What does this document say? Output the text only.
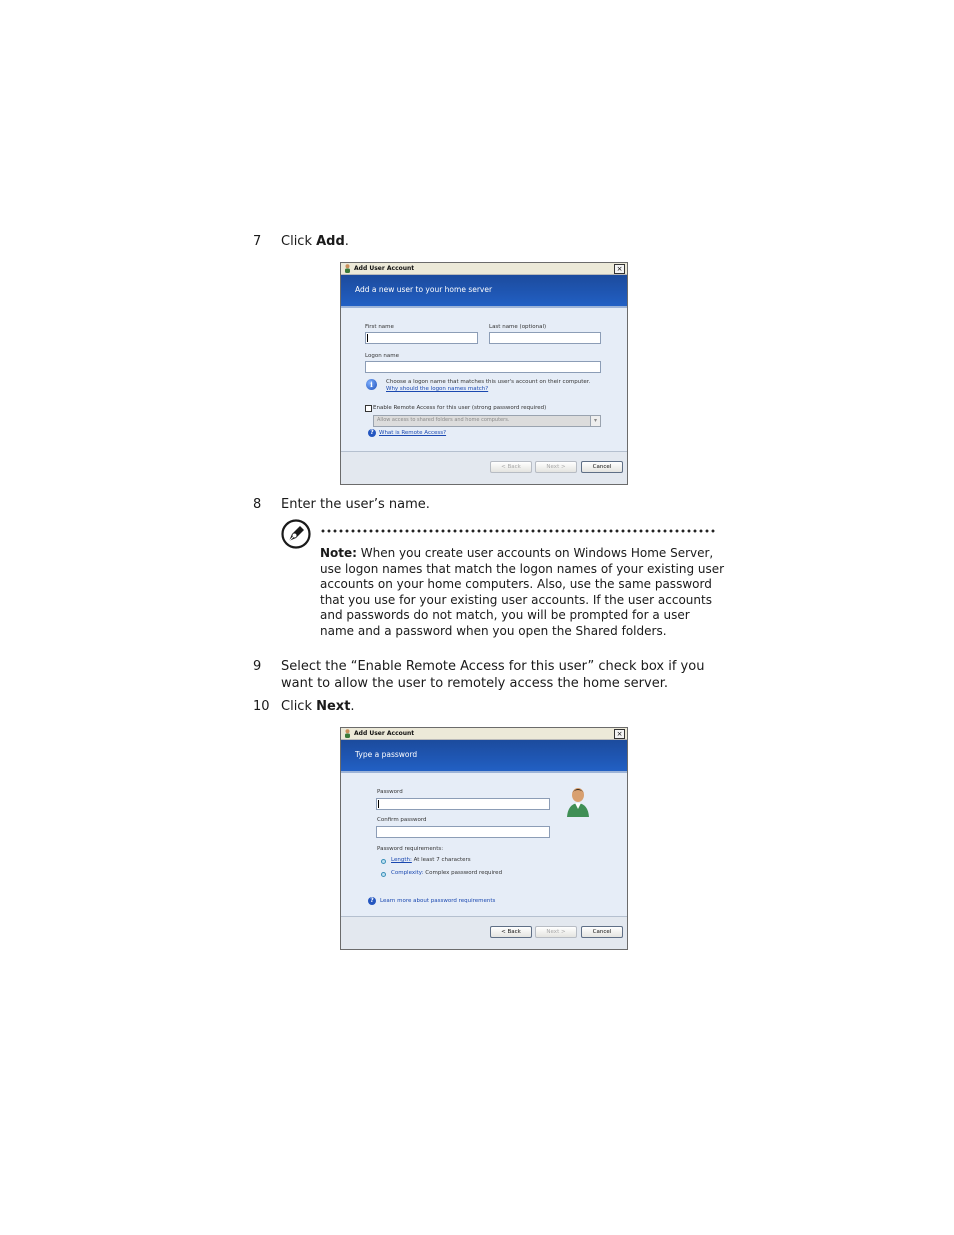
7 Click Add.
Add User Account	×
Add a new user to your home server
First name	Last name (optional)
Logon name
i	Choose a logon name that matches this user's account on their computer.
Why should the logon names match?
Enable Remote Access for this user (strong password required)
Allow access to shared folders and home computers.	▾
? What is Remote Access?
< Back	Next >	Cancel
8 Enter the user’s name.
Note: When you create user accounts on Windows Home Server,
use logon names that match the logon names of your existing user
accounts on your home computers. Also, use the same password
that you use for your existing user accounts. If the user accounts
and passwords do not match, you will be prompted for a user
name and a password when you open the Shared folders.
9 Select the “Enable Remote Access for this user” check box if you
want to allow the user to remotely access the home server.
10 Click Next.
Add User Account	×
Type a password
Password
Confirm password
Password requirements:
Length: At least 7 characters
Complexity: Complex password required
?	Learn more about password requirements
< Back	Next >	Cancel
